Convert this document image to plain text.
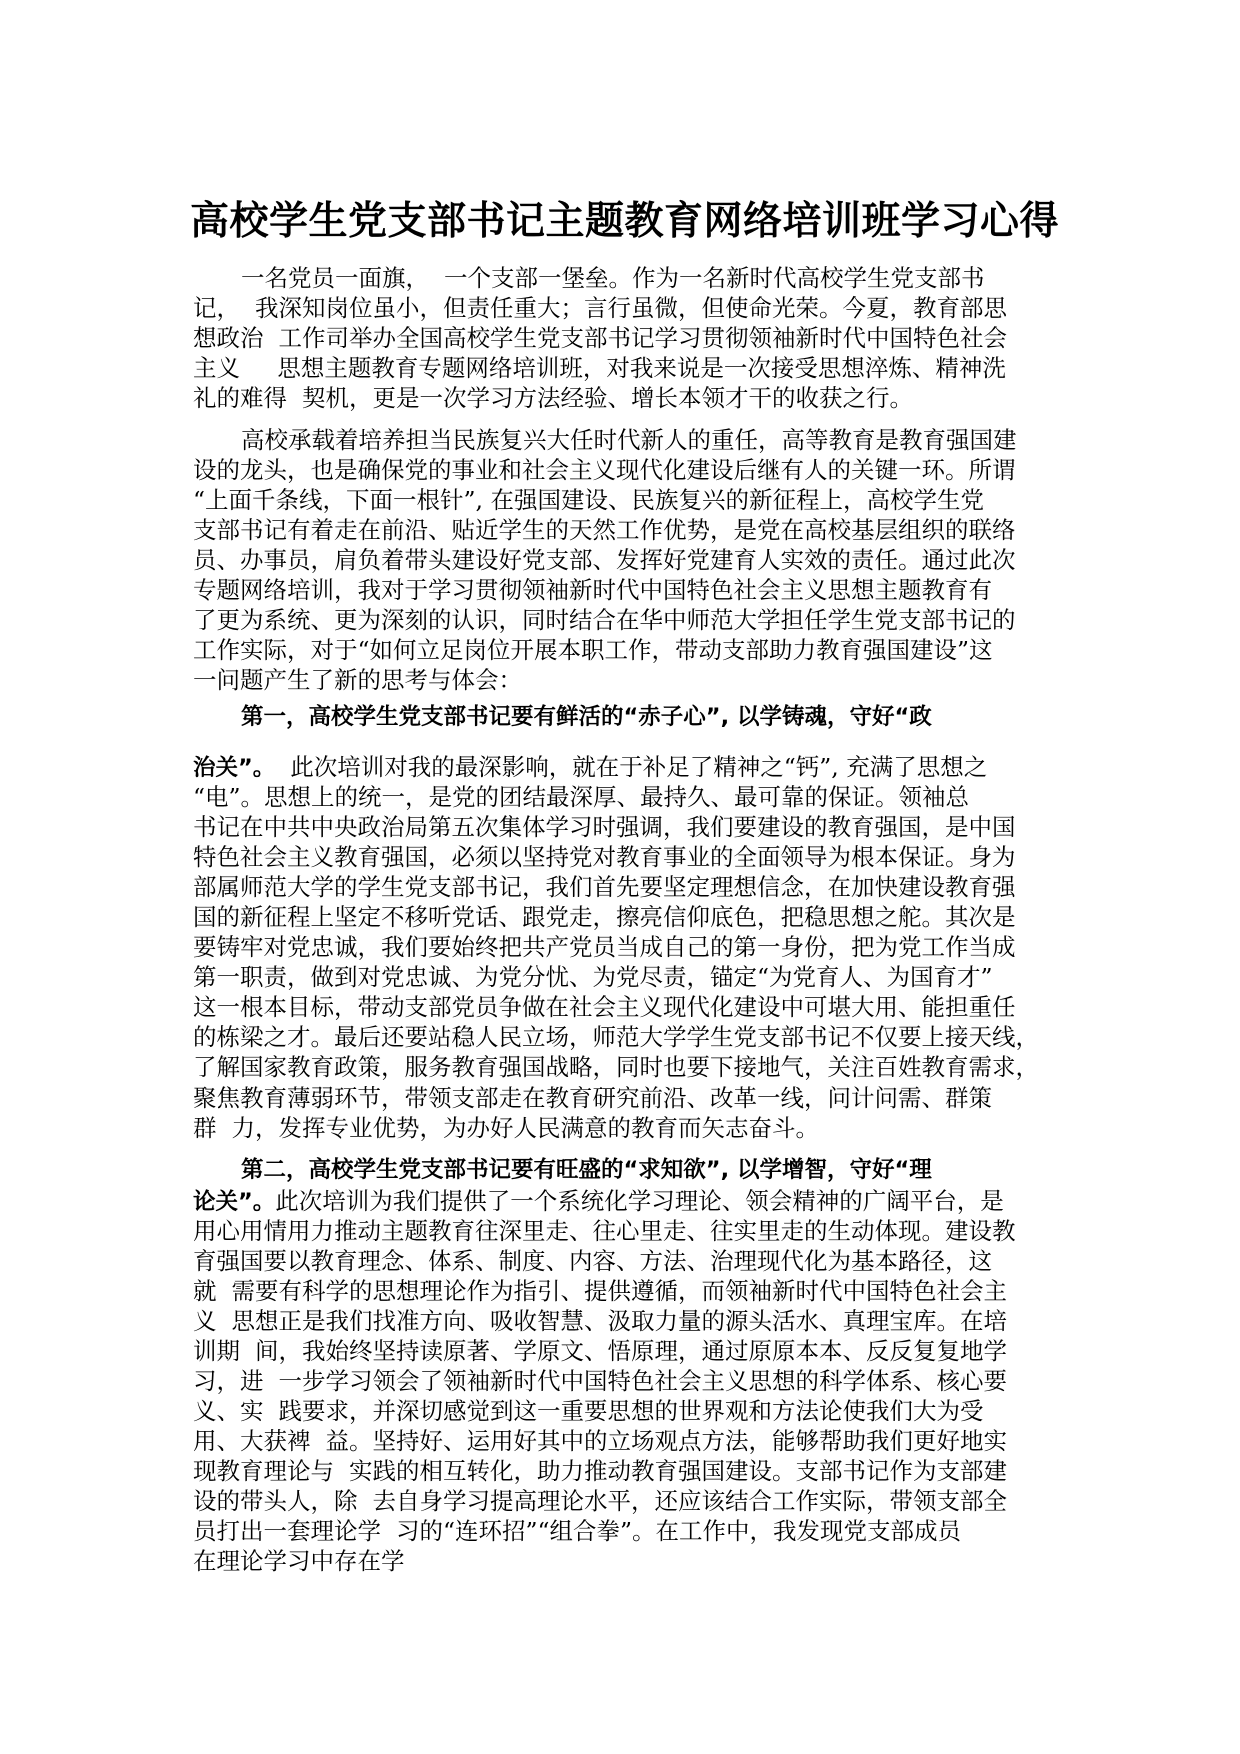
高校学生党支部书记主题教育网络培训班学习心得
一名党员一面旗，  一个支部一堡垒。作为一名新时代高校学生党支部书
记，  我深知岗位虽小，但责任重大；言行虽微，但使命光荣。今夏，教育部思
想政治  工作司举办全国高校学生党支部书记学习贯彻领袖新时代中国特色社会
主义     思想主题教育专题网络培训班，对我来说是一次接受思想淬炼、精神洗
礼的难得  契机，更是一次学习方法经验、增长本领才干的收获之行。
高校承载着培养担当民族复兴大任时代新人的重任，高等教育是教育强国建
设的龙头，也是确保党的事业和社会主义现代化建设后继有人的关键一环。所谓
“上面千条线，下面一根针”, 在强国建设、民族复兴的新征程上，高校学生党
支部书记有着走在前沿、贴近学生的天然工作优势，是党在高校基层组织的联络
员、办事员，肩负着带头建设好党支部、发挥好党建育人实效的责任。通过此次
专题网络培训，我对于学习贯彻领袖新时代中国特色社会主义思想主题教育有
了更为系统、更为深刻的认识，同时结合在华中师范大学担任学生党支部书记的
工作实际，对于“如何立足岗位开展本职工作，带动支部助力教育强国建设”这
一问题产生了新的思考与体会：
第一，高校学生党支部书记要有鲜活的“赤子心”, 以学铸魂，守好“政
治关”。  此次培训对我的最深影响，就在于补足了精神之“钙”, 充满了思想之
“电”。思想上的统一，是党的团结最深厚、最持久、最可靠的保证。领袖总
书记在中共中央政治局第五次集体学习时强调，我们要建设的教育强国，是中国
特色社会主义教育强国，必须以坚持党对教育事业的全面领导为根本保证。身为
部属师范大学的学生党支部书记，我们首先要坚定理想信念，在加快建设教育强
国的新征程上坚定不移听党话、跟党走，擦亮信仰底色，把稳思想之舵。其次是
要铸牢对党忠诚，我们要始终把共产党员当成自己的第一身份，把为党工作当成
第一职责，做到对党忠诚、为党分忧、为党尽责，锚定“为党育人、为国育才”
这一根本目标，带动支部党员争做在社会主义现代化建设中可堪大用、能担重任
的栋梁之才。最后还要站稳人民立场，师范大学学生党支部书记不仅要上接天线，
了解国家教育政策，服务教育强国战略，同时也要下接地气，关注百姓教育需求，
聚焦教育薄弱环节，带领支部走在教育研究前沿、改革一线，问计问需、群策
群  力，发挥专业优势，为办好人民满意的教育而矢志奋斗。
第二，高校学生党支部书记要有旺盛的“求知欲”, 以学增智，守好“理
论关”。此次培训为我们提供了一个系统化学习理论、领会精神的广阔平台，是
用心用情用力推动主题教育往深里走、往心里走、往实里走的生动体现。建设教
育强国要以教育理念、体系、制度、内容、方法、治理现代化为基本路径，这
就  需要有科学的思想理论作为指引、提供遵循，而领袖新时代中国特色社会主
义  思想正是我们找准方向、吸收智慧、汲取力量的源头活水、真理宝库。在培
训期  间，我始终坚持读原著、学原文、悟原理，通过原原本本、反反复复地学
习，进  一步学习领会了领袖新时代中国特色社会主义思想的科学体系、核心要
义、实  践要求，并深切感觉到这一重要思想的世界观和方法论使我们大为受
用、大获裨  益。坚持好、运用好其中的立场观点方法，能够帮助我们更好地实
现教育理论与  实践的相互转化，助力推动教育强国建设。支部书记作为支部建
设的带头人，除  去自身学习提高理论水平，还应该结合工作实际，带领支部全
员打出一套理论学  习的“连环招”“组合拳”。在工作中，我发现党支部成员
在理论学习中存在学
